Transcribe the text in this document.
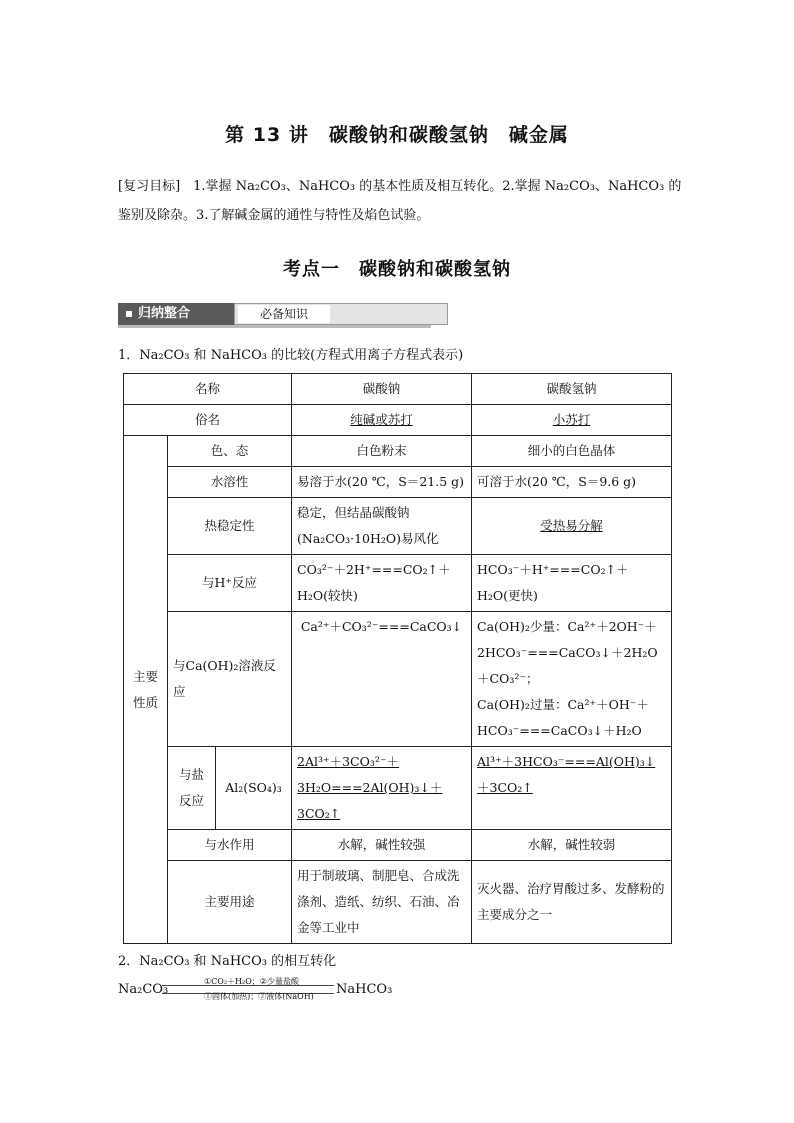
第 13 讲　碳酸钠和碳酸氢钠　碱金属
[复习目标]　1.掌握 Na₂CO₃、NaHCO₃ 的基本性质及相互转化。2.掌握 Na₂CO₃、NaHCO₃ 的鉴别及除杂。3.了解碱金属的通性与特性及焰色试验。
考点一　碳酸钠和碳酸氢钠
归纳整合	必备知识
1．Na₂CO₃ 和 NaHCO₃ 的比较(方程式用离子方程式表示)
名称			碳酸钠	碳酸氢钠
俗名			纯碱或苏打	小苏打
主要性质	色、态		白色粉末	细小的白色晶体
	水溶性		易溶于水(20 ℃，S＝21.5 g)	可溶于水(20 ℃，S＝9.6 g)
	热稳定性		稳定，但结晶碳酸钠(Na₂CO₃·10H₂O)易风化	受热易分解
	与H⁺反应		CO₃²⁻＋2H⁺===CO₂↑＋H₂O(较快)	HCO₃⁻＋H⁺===CO₂↑＋H₂O(更快)
	与Ca(OH)₂溶液反应		Ca²⁺＋CO₃²⁻===CaCO₃↓	Ca(OH)₂少量：Ca²⁺＋2OH⁻＋2HCO₃⁻===CaCO₃↓＋2H₂O＋CO₃²⁻；
Ca(OH)₂过量：Ca²⁺＋OH⁻＋HCO₃⁻===CaCO₃↓＋H₂O

	与盐反应	Al₂(SO₄)₃	2Al³⁺＋3CO₃²⁻＋3H₂O===2Al(OH)₃↓＋3CO₂↑	Al³⁺＋3HCO₃⁻===Al(OH)₃↓＋3CO₂↑
	与水作用		水解，碱性较强	水解，碱性较弱
	主要用途		用于制玻璃、制肥皂、合成洗涤剂、造纸、纺织、石油、冶金等工业中	灭火器、治疗胃酸过多、发酵粉的主要成分之一
2．Na₂CO₃ 和 NaHCO₃ 的相互转化
Na₂CO₃
①CO₂＋H₂O；②少量盐酸
①固体(加热)；②液体(NaOH) NaHCO₃
